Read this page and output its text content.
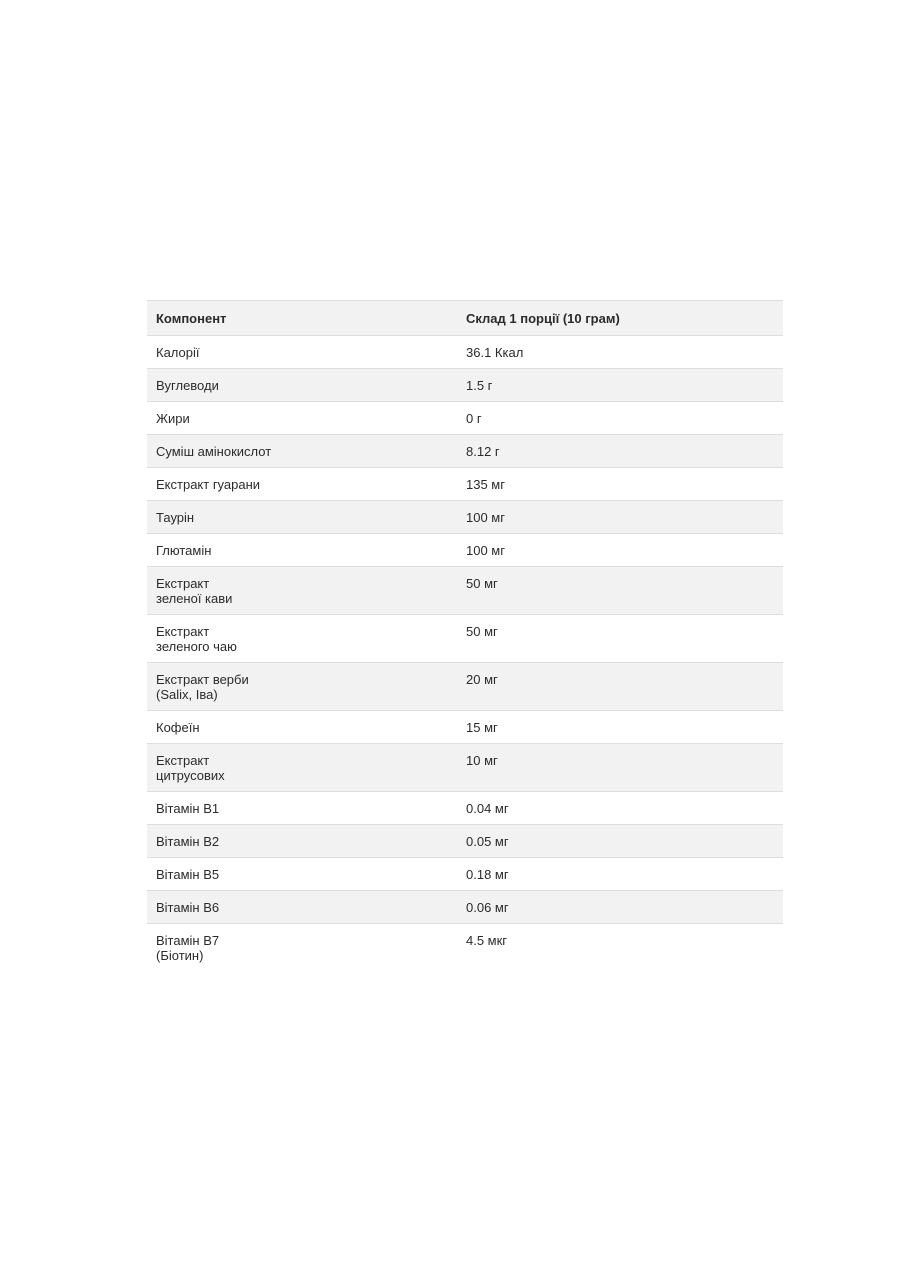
Компонент	Склад 1 порції (10 грам)

Калорії	36.1 Ккал

Вуглеводи	1.5 г

Жири	0 г

Суміш амінокислот	8.12 г

Екстракт гуарани	135 мг

Таурін	100 мг

Глютамін	100 мг

Екстракт
зеленої кави	50 мг

Екстракт
зеленого чаю	50 мг

Екстракт верби
(Salix, Іва)	20 мг

Кофеїн	15 мг

Екстракт
цитрусових	10 мг

Вітамін B1	0.04 мг

Вітамін B2	0.05 мг

Вітамін B5	0.18 мг

Вітамін B6	0.06 мг

Вітамін B7
(Біотин)	4.5 мкг
